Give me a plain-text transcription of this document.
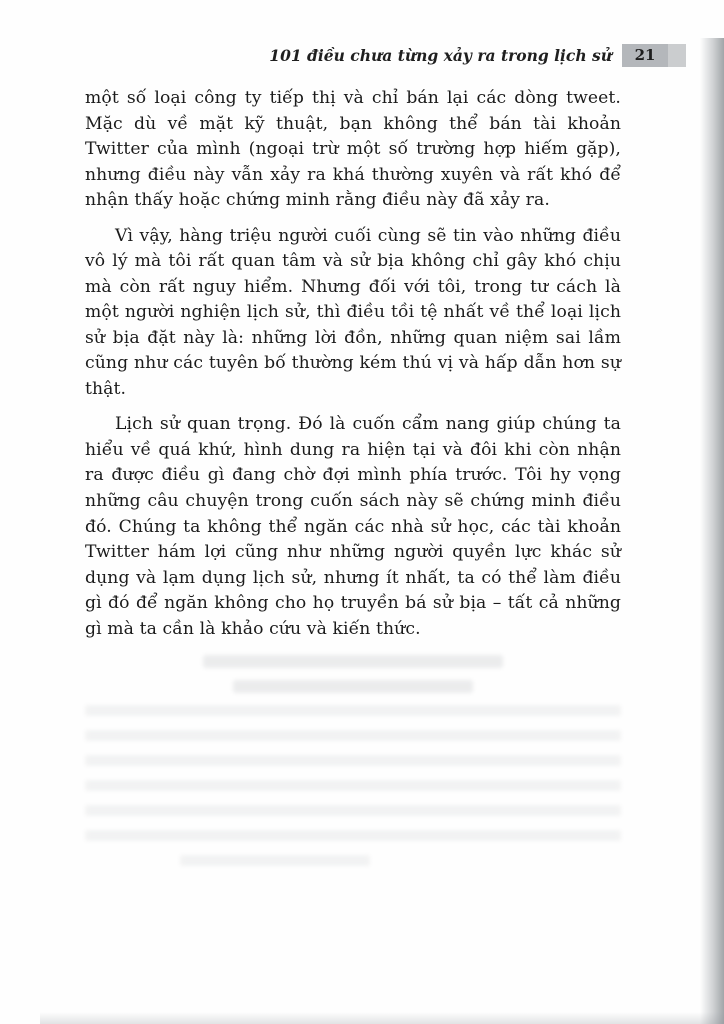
101 điều chưa từng xảy ra trong lịch sử	21

một số loại công ty tiếp thị và chỉ bán lại các dòng tweet. Mặc dù về mặt kỹ thuật, bạn không thể bán tài khoản Twitter của mình (ngoại trừ một số trường hợp hiếm gặp), nhưng điều này vẫn xảy ra khá thường xuyên và rất khó để nhận thấy hoặc chứng minh rằng điều này đã xảy ra.

Vì vậy, hàng triệu người cuối cùng sẽ tin vào những điều vô lý mà tôi rất quan tâm và sử bịa không chỉ gây khó chịu mà còn rất nguy hiểm. Nhưng đối với tôi, trong tư cách là một người nghiện lịch sử, thì điều tồi tệ nhất về thể loại lịch sử bịa đặt này là: những lời đồn, những quan niệm sai lầm cũng như các tuyên bố thường kém thú vị và hấp dẫn hơn sự thật.

Lịch sử quan trọng. Đó là cuốn cẩm nang giúp chúng ta hiểu về quá khứ, hình dung ra hiện tại và đôi khi còn nhận ra được điều gì đang chờ đợi mình phía trước. Tôi hy vọng những câu chuyện trong cuốn sách này sẽ chứng minh điều đó. Chúng ta không thể ngăn các nhà sử học, các tài khoản Twitter hám lợi cũng như những người quyền lực khác sử dụng và lạm dụng lịch sử, nhưng ít nhất, ta có thể làm điều gì đó để ngăn không cho họ truyền bá sử bịa – tất cả những gì mà ta cần là khảo cứu và kiến thức.
